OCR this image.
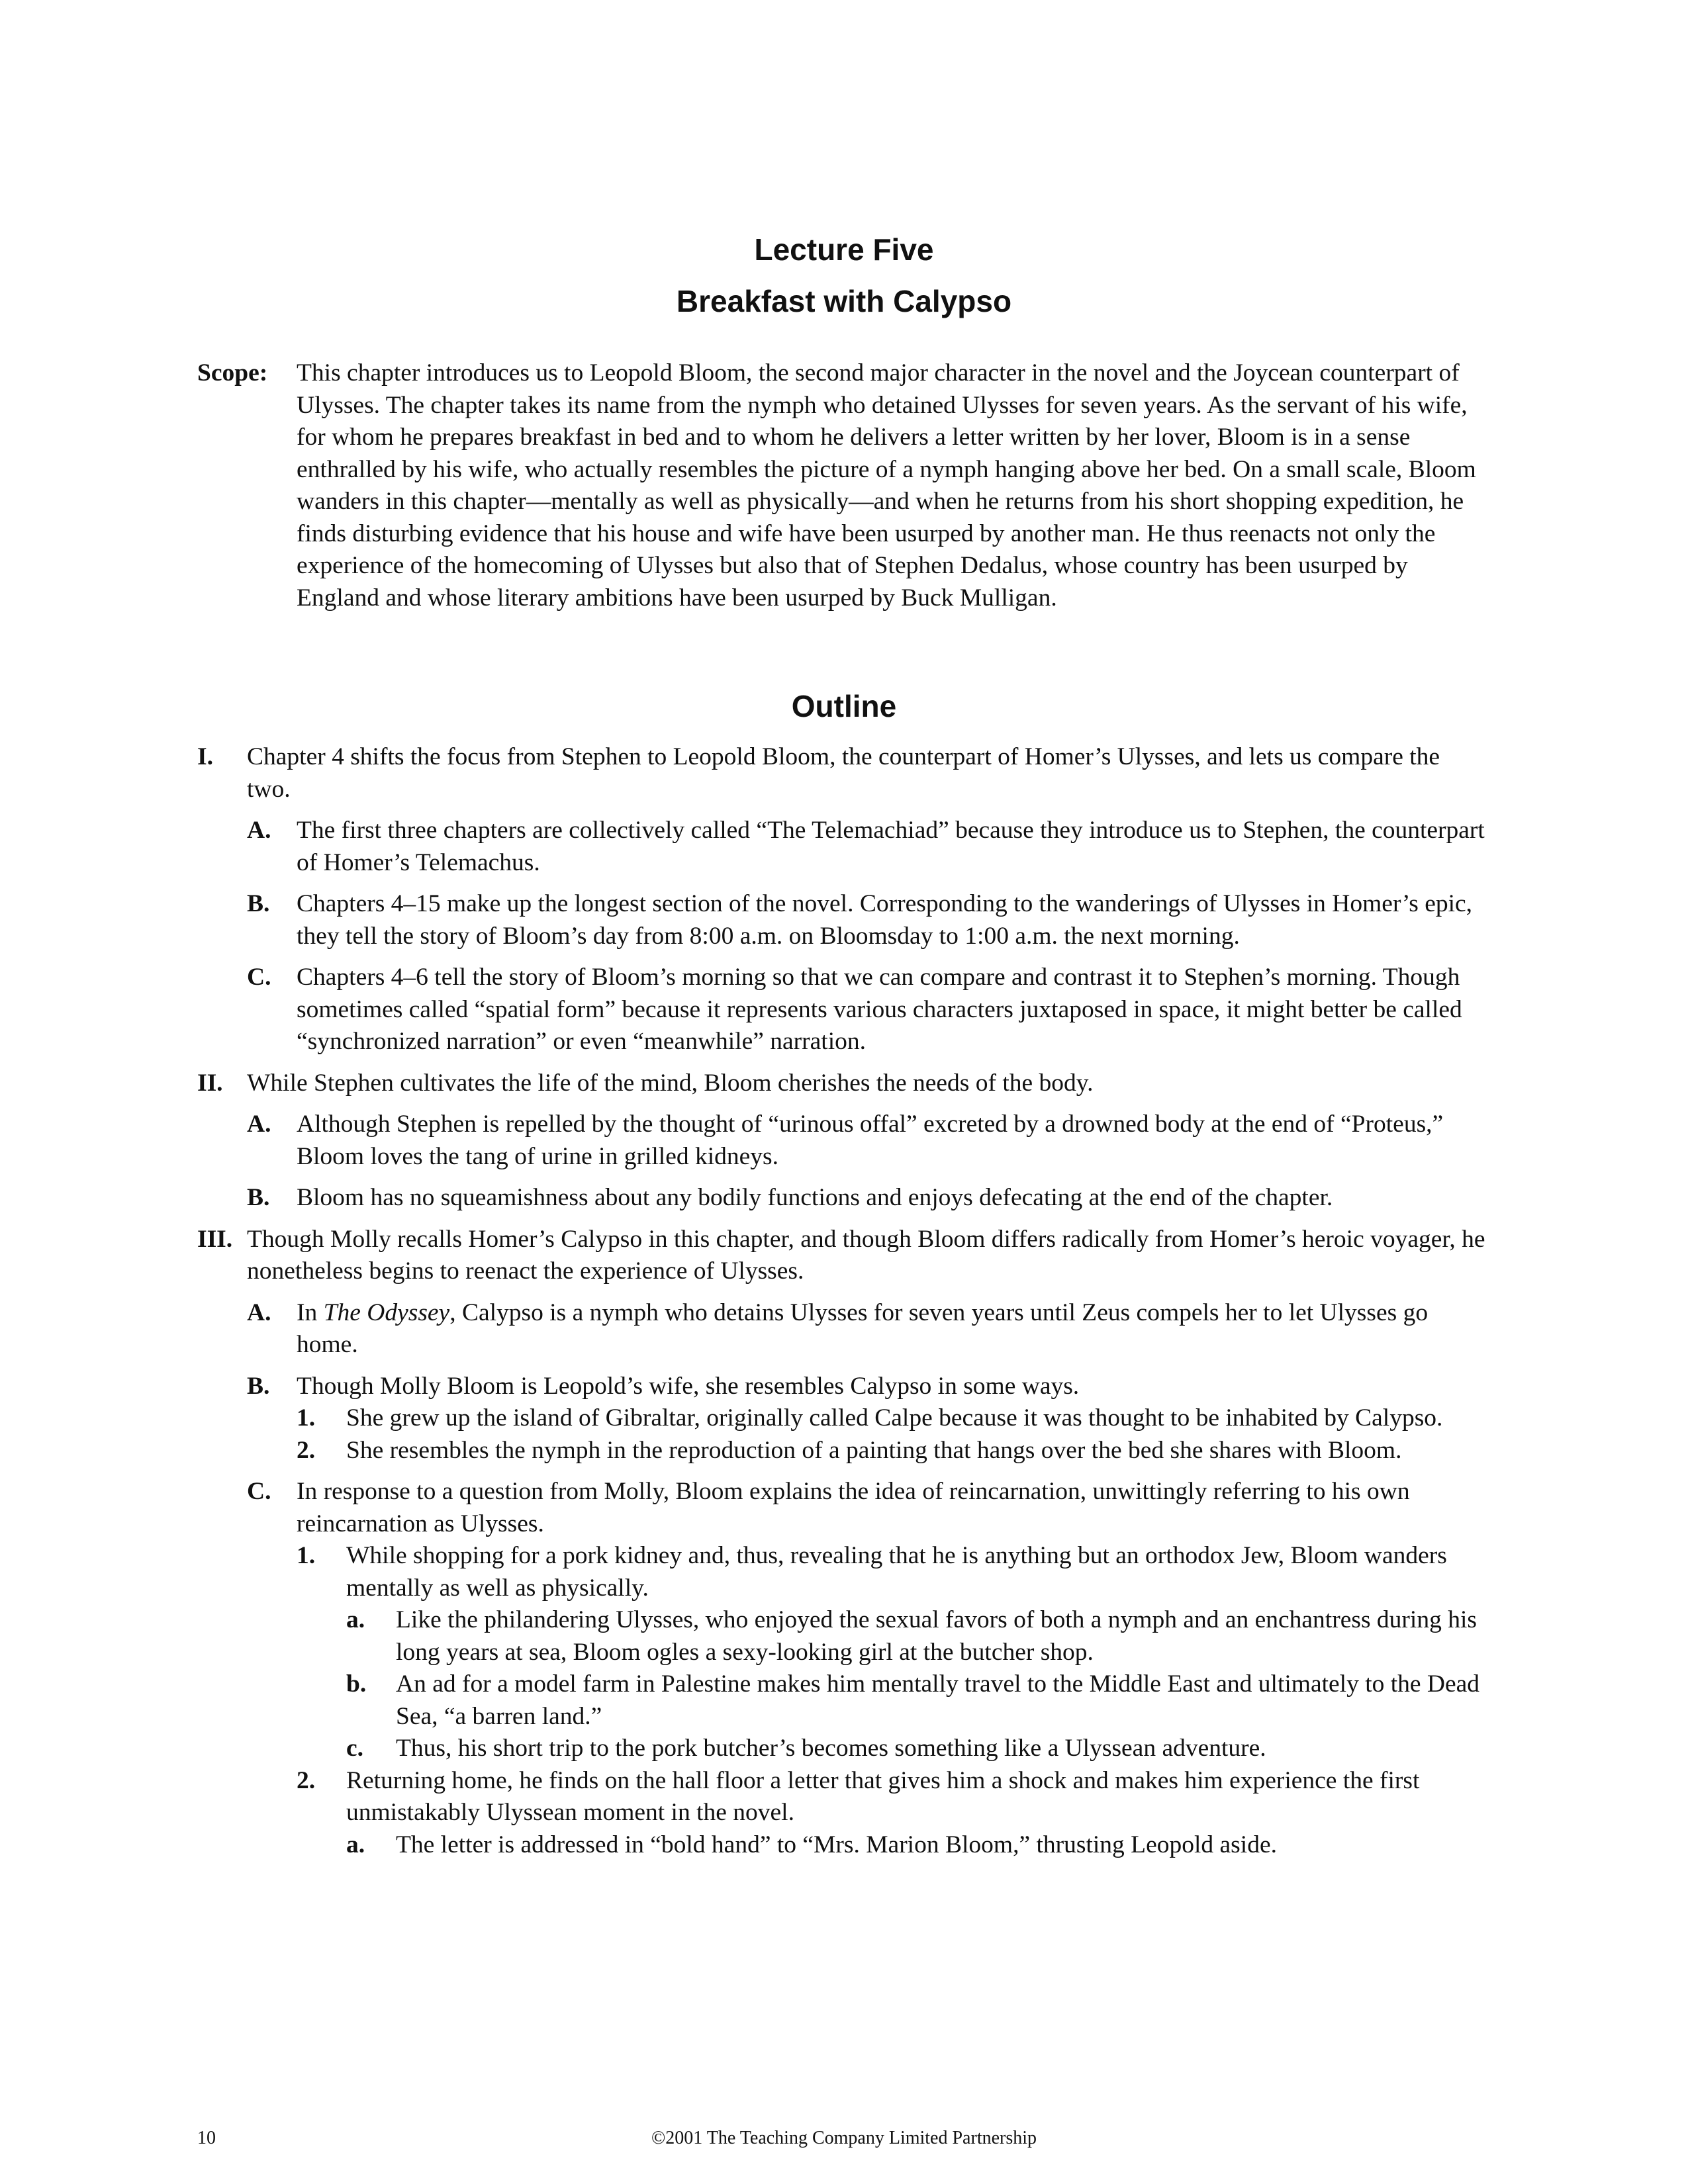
Lecture Five
Breakfast with Calypso
Scope: This chapter introduces us to Leopold Bloom, the second major character in the novel and the Joycean counterpart of Ulysses. The chapter takes its name from the nymph who detained Ulysses for seven years. As the servant of his wife, for whom he prepares breakfast in bed and to whom he delivers a letter written by her lover, Bloom is in a sense enthralled by his wife, who actually resembles the picture of a nymph hanging above her bed. On a small scale, Bloom wanders in this chapter—mentally as well as physically—and when he returns from his short shopping expedition, he finds disturbing evidence that his house and wife have been usurped by another man. He thus reenacts not only the experience of the homecoming of Ulysses but also that of Stephen Dedalus, whose country has been usurped by England and whose literary ambitions have been usurped by Buck Mulligan.
Outline
I. Chapter 4 shifts the focus from Stephen to Leopold Bloom, the counterpart of Homer’s Ulysses, and lets us compare the two.
A. The first three chapters are collectively called “The Telemachiad” because they introduce us to Stephen, the counterpart of Homer’s Telemachus.
B. Chapters 4–15 make up the longest section of the novel. Corresponding to the wanderings of Ulysses in Homer’s epic, they tell the story of Bloom’s day from 8:00 a.m. on Bloomsday to 1:00 a.m. the next morning.
C. Chapters 4–6 tell the story of Bloom’s morning so that we can compare and contrast it to Stephen’s morning. Though sometimes called “spatial form” because it represents various characters juxtaposed in space, it might better be called “synchronized narration” or even “meanwhile” narration.
II. While Stephen cultivates the life of the mind, Bloom cherishes the needs of the body.
A. Although Stephen is repelled by the thought of “urinous offal” excreted by a drowned body at the end of “Proteus,” Bloom loves the tang of urine in grilled kidneys.
B. Bloom has no squeamishness about any bodily functions and enjoys defecating at the end of the chapter.
III. Though Molly recalls Homer’s Calypso in this chapter, and though Bloom differs radically from Homer’s heroic voyager, he nonetheless begins to reenact the experience of Ulysses.
A. In The Odyssey, Calypso is a nymph who detains Ulysses for seven years until Zeus compels her to let Ulysses go home.
B. Though Molly Bloom is Leopold’s wife, she resembles Calypso in some ways.
1. She grew up the island of Gibraltar, originally called Calpe because it was thought to be inhabited by Calypso.
2. She resembles the nymph in the reproduction of a painting that hangs over the bed she shares with Bloom.
C. In response to a question from Molly, Bloom explains the idea of reincarnation, unwittingly referring to his own reincarnation as Ulysses.
1. While shopping for a pork kidney and, thus, revealing that he is anything but an orthodox Jew, Bloom wanders mentally as well as physically.
a. Like the philandering Ulysses, who enjoyed the sexual favors of both a nymph and an enchantress during his long years at sea, Bloom ogles a sexy-looking girl at the butcher shop.
b. An ad for a model farm in Palestine makes him mentally travel to the Middle East and ultimately to the Dead Sea, “a barren land.”
c. Thus, his short trip to the pork butcher’s becomes something like a Ulyssean adventure.
2. Returning home, he finds on the hall floor a letter that gives him a shock and makes him experience the first unmistakably Ulyssean moment in the novel.
a. The letter is addressed in “bold hand” to “Mrs. Marion Bloom,” thrusting Leopold aside.
10	©2001 The Teaching Company Limited Partnership
